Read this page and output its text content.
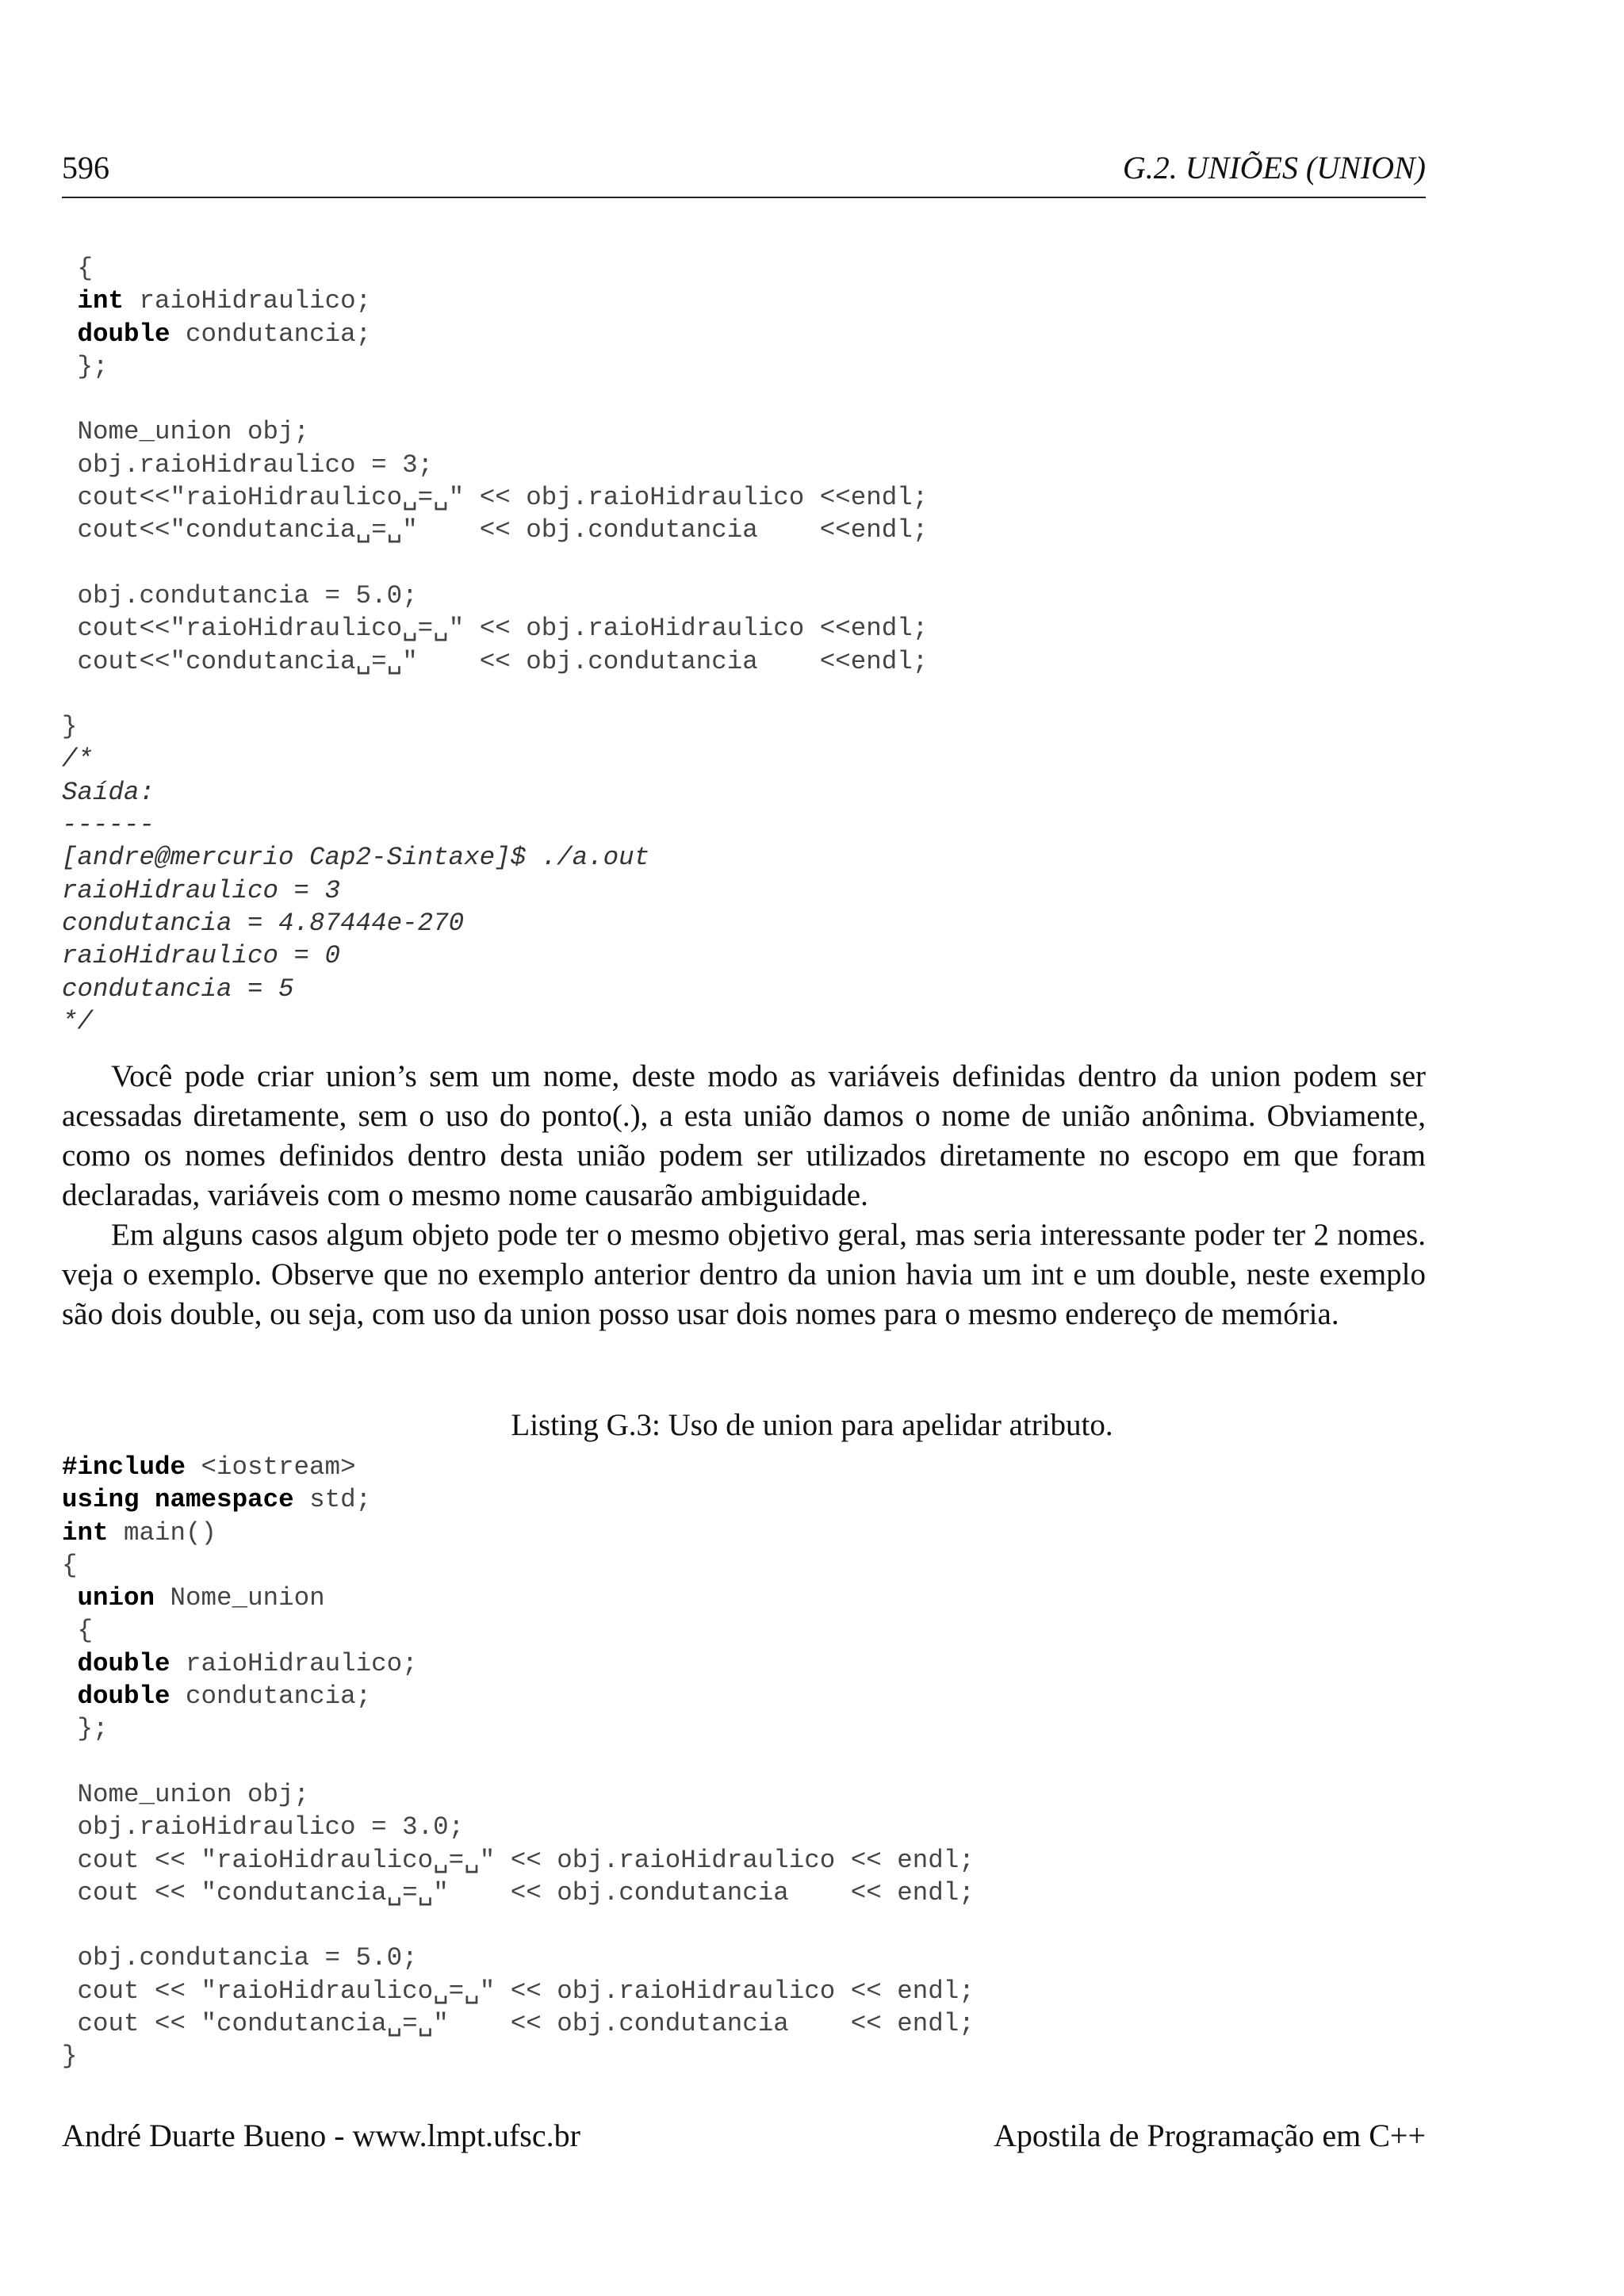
596	G.2. UNIÕES (UNION)
{
int raioHidraulico;
double condutancia;
};
Nome_union obj;
obj.raioHidraulico = 3;
cout<<"raioHidraulico␣=␣" << obj.raioHidraulico <<endl;
cout<<"condutancia␣=␣"    << obj.condutancia    <<endl;
obj.condutancia = 5.0;
cout<<"raioHidraulico␣=␣" << obj.raioHidraulico <<endl;
cout<<"condutancia␣=␣"    << obj.condutancia    <<endl;
}
/*
Saída:
------
[andre@mercurio Cap2-Sintaxe]$ ./a.out
raioHidraulico = 3
condutancia = 4.87444e-270
raioHidraulico = 0
condutancia = 5
*/

Você pode criar union’s sem um nome, deste modo as variáveis definidas dentro da union podem ser acessadas diretamente, sem o uso do ponto(.), a esta união damos o nome de união anônima. Obviamente, como os nomes definidos dentro desta união podem ser utilizados diretamente no escopo em que foram declaradas, variáveis com o mesmo nome causarão ambiguidade.

Em alguns casos algum objeto pode ter o mesmo objetivo geral, mas seria interessante poder ter 2 nomes. veja o exemplo. Observe que no exemplo anterior dentro da union havia um int e um double, neste exemplo são dois double, ou seja, com uso da union posso usar dois nomes para o mesmo endereço de memória.

Listing G.3: Uso de union para apelidar atributo.
#include <iostream>
using namespace std;
int main()
{
union Nome_union
{
double raioHidraulico;
double condutancia;
};
Nome_union obj;
obj.raioHidraulico = 3.0;
cout << "raioHidraulico␣=␣" << obj.raioHidraulico << endl;
cout << "condutancia␣=␣"    << obj.condutancia    << endl;
obj.condutancia = 5.0;
cout << "raioHidraulico␣=␣" << obj.raioHidraulico << endl;
cout << "condutancia␣=␣"    << obj.condutancia    << endl;
}
André Duarte Bueno - www.lmpt.ufsc.br	Apostila de Programação em C++
